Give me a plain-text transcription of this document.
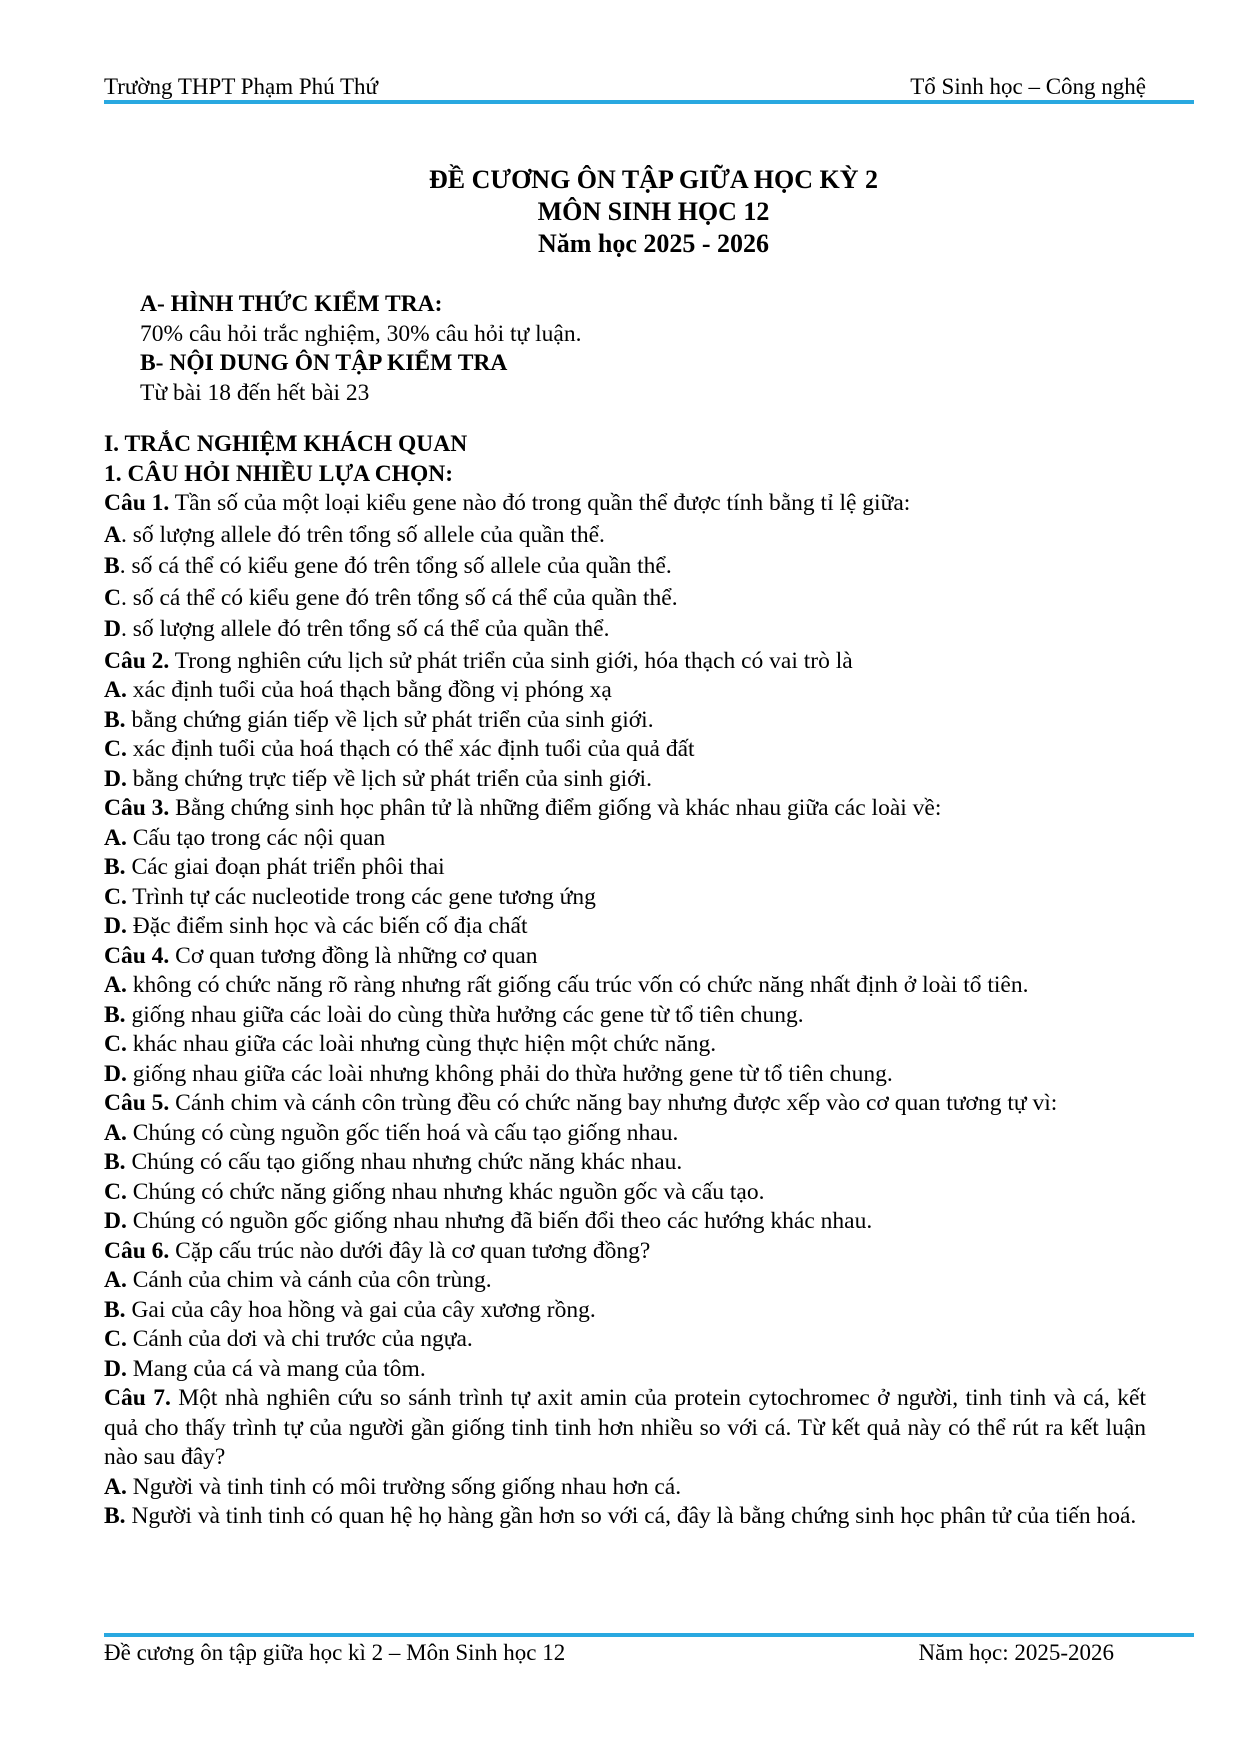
Trường THPT Phạm Phú Thứ	Tổ Sinh học – Công nghệ
ĐỀ CƯƠNG ÔN TẬP GIỮA HỌC KỲ 2
MÔN SINH HỌC 12
Năm học 2025 - 2026
A- HÌNH THỨC KIỂM TRA:
70% câu hỏi trắc nghiệm, 30% câu hỏi tự luận.
B- NỘI DUNG ÔN TẬP KIỂM TRA
Từ bài 18 đến hết bài 23
I. TRẮC NGHIỆM KHÁCH QUAN
1. CÂU HỎI NHIỀU LỰA CHỌN:
Câu 1. Tần số của một loại kiểu gene nào đó trong quần thể được tính bằng tỉ lệ giữa:
A. số lượng allele đó trên tổng số allele của quần thể.
B. số cá thể có kiểu gene đó trên tổng số allele của quần thể.
C. số cá thể có kiểu gene đó trên tổng số cá thể của quần thể.
D. số lượng allele đó trên tổng số cá thể của quần thể.
Câu 2. Trong nghiên cứu lịch sử phát triển của sinh giới, hóa thạch có vai trò là
A. xác định tuổi của hoá thạch bằng đồng vị phóng xạ
B. bằng chứng gián tiếp về lịch sử phát triển của sinh giới.
C. xác định tuổi của hoá thạch có thể xác định tuổi của quả đất
D. bằng chứng trực tiếp về lịch sử phát triển của sinh giới.
Câu 3. Bằng chứng sinh học phân tử là những điểm giống và khác nhau giữa các loài về:
A. Cấu tạo trong các nội quan
B. Các giai đoạn phát triển phôi thai
C. Trình tự các nucleotide trong các gene tương ứng
D. Đặc điểm sinh học và các biến cố địa chất
Câu 4. Cơ quan tương đồng là những cơ quan
A. không có chức năng rõ ràng nhưng rất giống cấu trúc vốn có chức năng nhất định ở loài tổ tiên.
B. giống nhau giữa các loài do cùng thừa hưởng các gene từ tổ tiên chung.
C. khác nhau giữa các loài nhưng cùng thực hiện một chức năng.
D. giống nhau giữa các loài nhưng không phải do thừa hưởng gene từ tổ tiên chung.
Câu 5. Cánh chim và cánh côn trùng đều có chức năng bay nhưng được xếp vào cơ quan tương tự vì:
A. Chúng có cùng nguồn gốc tiến hoá và cấu tạo giống nhau.
B. Chúng có cấu tạo giống nhau nhưng chức năng khác nhau.
C. Chúng có chức năng giống nhau nhưng khác nguồn gốc và cấu tạo.
D. Chúng có nguồn gốc giống nhau nhưng đã biến đổi theo các hướng khác nhau.
Câu 6. Cặp cấu trúc nào dưới đây là cơ quan tương đồng?
A. Cánh của chim và cánh của côn trùng.
B. Gai của cây hoa hồng và gai của cây xương rồng.
C. Cánh của dơi và chi trước của ngựa.
D. Mang của cá và mang của tôm.
Câu 7. Một nhà nghiên cứu so sánh trình tự axit amin của protein cytochromec ở người, tinh tinh và cá, kết quả cho thấy trình tự của người gần giống tinh tinh hơn nhiều so với cá. Từ kết quả này có thể rút ra kết luận nào sau đây?
A. Người và tinh tinh có môi trường sống giống nhau hơn cá.
B. Người và tinh tinh có quan hệ họ hàng gần hơn so với cá, đây là bằng chứng sinh học phân tử của tiến hoá.
Đề cương ôn tập giữa học kì 2 – Môn Sinh học 12	Năm học: 2025-2026
